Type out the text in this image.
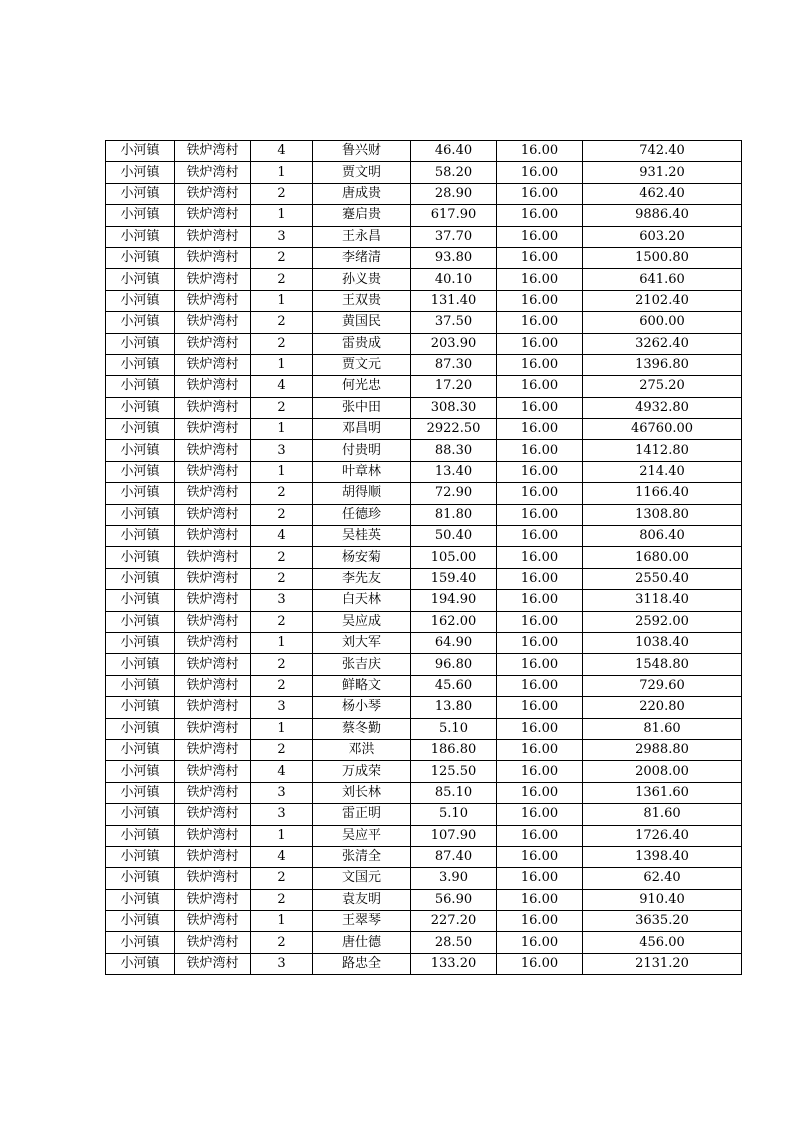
小河镇	铁炉湾村	4	鲁兴财	46.40	16.00	742.40
小河镇	铁炉湾村	1	贾文明	58.20	16.00	931.20
小河镇	铁炉湾村	2	唐成贵	28.90	16.00	462.40
小河镇	铁炉湾村	1	蹇启贵	617.90	16.00	9886.40
小河镇	铁炉湾村	3	王永昌	37.70	16.00	603.20
小河镇	铁炉湾村	2	李绪清	93.80	16.00	1500.80
小河镇	铁炉湾村	2	孙义贵	40.10	16.00	641.60
小河镇	铁炉湾村	1	王双贵	131.40	16.00	2102.40
小河镇	铁炉湾村	2	黄国民	37.50	16.00	600.00
小河镇	铁炉湾村	2	雷贵成	203.90	16.00	3262.40
小河镇	铁炉湾村	1	贾文元	87.30	16.00	1396.80
小河镇	铁炉湾村	4	何光忠	17.20	16.00	275.20
小河镇	铁炉湾村	2	张中田	308.30	16.00	4932.80
小河镇	铁炉湾村	1	邓昌明	2922.50	16.00	46760.00
小河镇	铁炉湾村	3	付贵明	88.30	16.00	1412.80
小河镇	铁炉湾村	1	叶章林	13.40	16.00	214.40
小河镇	铁炉湾村	2	胡得顺	72.90	16.00	1166.40
小河镇	铁炉湾村	2	任德珍	81.80	16.00	1308.80
小河镇	铁炉湾村	4	吴桂英	50.40	16.00	806.40
小河镇	铁炉湾村	2	杨安菊	105.00	16.00	1680.00
小河镇	铁炉湾村	2	李先友	159.40	16.00	2550.40
小河镇	铁炉湾村	3	白天林	194.90	16.00	3118.40
小河镇	铁炉湾村	2	吴应成	162.00	16.00	2592.00
小河镇	铁炉湾村	1	刘大军	64.90	16.00	1038.40
小河镇	铁炉湾村	2	张吉庆	96.80	16.00	1548.80
小河镇	铁炉湾村	2	鲜略文	45.60	16.00	729.60
小河镇	铁炉湾村	3	杨小琴	13.80	16.00	220.80
小河镇	铁炉湾村	1	蔡冬勤	5.10	16.00	81.60
小河镇	铁炉湾村	2	邓洪	186.80	16.00	2988.80
小河镇	铁炉湾村	4	万成荣	125.50	16.00	2008.00
小河镇	铁炉湾村	3	刘长林	85.10	16.00	1361.60
小河镇	铁炉湾村	3	雷正明	5.10	16.00	81.60
小河镇	铁炉湾村	1	吴应平	107.90	16.00	1726.40
小河镇	铁炉湾村	4	张清全	87.40	16.00	1398.40
小河镇	铁炉湾村	2	文国元	3.90	16.00	62.40
小河镇	铁炉湾村	2	袁友明	56.90	16.00	910.40
小河镇	铁炉湾村	1	王翠琴	227.20	16.00	3635.20
小河镇	铁炉湾村	2	唐仕德	28.50	16.00	456.00
小河镇	铁炉湾村	3	路忠全	133.20	16.00	2131.20
